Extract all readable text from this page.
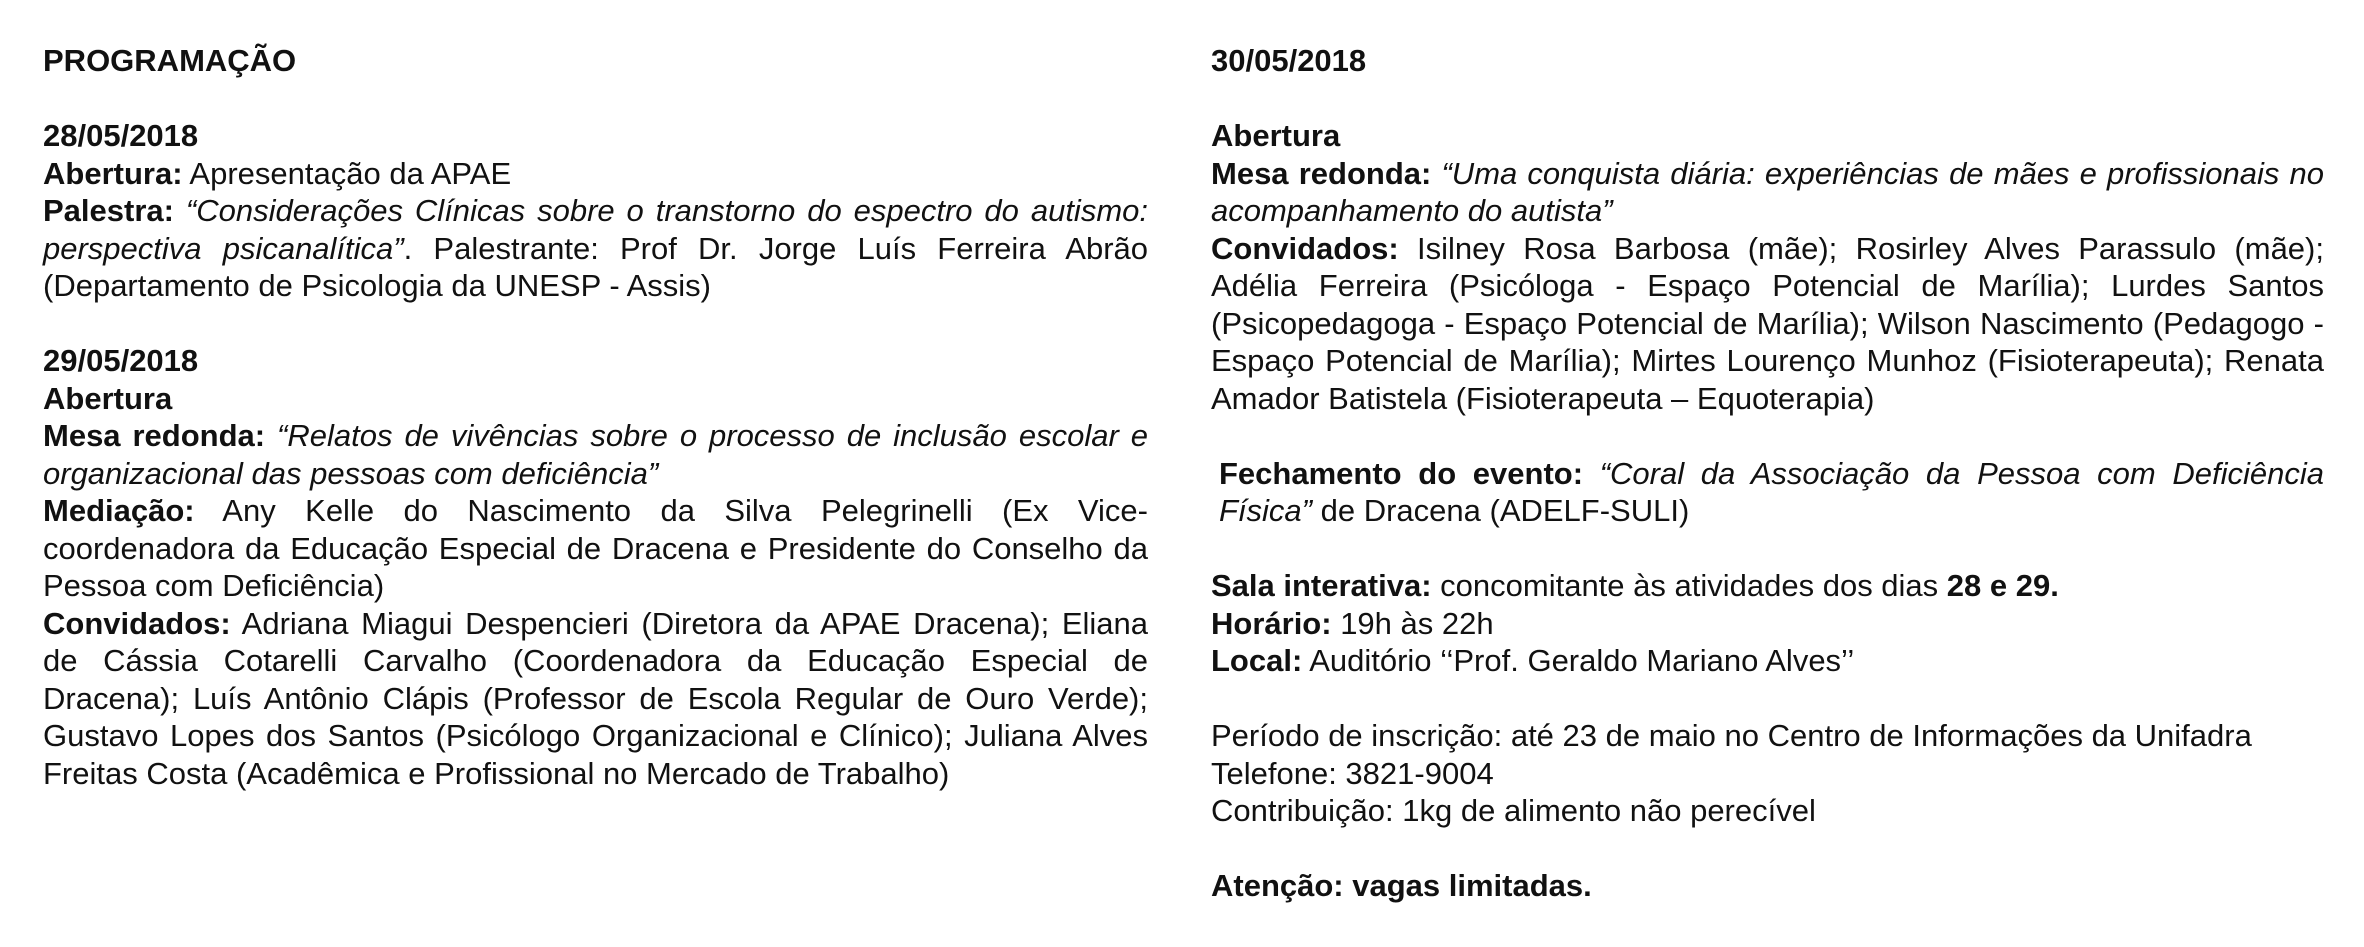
PROGRAMAÇÃO

28/05/2018

Abertura: Apresentação da APAE

Palestra: “Considerações Clínicas sobre o transtorno do espectro do autismo: perspectiva psicanalítica”. Palestrante: Prof Dr. Jorge Luís Ferreira Abrão (Departamento de Psicologia da UNESP - Assis)

29/05/2018

Abertura

Mesa redonda: “Relatos de vivências sobre o processo de inclusão escolar e organizacional das pessoas com deficiência”

Mediação: Any Kelle do Nascimento da Silva Pelegrinelli (Ex Vice-coordenadora da Educação Especial de Dracena e Presidente do Conselho da Pessoa com Deficiência)

Convidados: Adriana Miagui Despencieri (Diretora da APAE Dracena); Eliana de Cássia Cotarelli Carvalho (Coordenadora da Educação Especial de Dracena); Luís Antônio Clápis (Professor de Escola Regular de Ouro Verde); Gustavo Lopes dos Santos (Psicólogo Organizacional e Clínico); Juliana Alves Freitas Costa (Acadêmica e Profissional no Mercado de Trabalho)

30/05/2018

Abertura

Mesa redonda: “Uma conquista diária: experiências de mães e profissionais no acompanhamento do autista”

Convidados: Isilney Rosa Barbosa (mãe); Rosirley Alves Parassulo (mãe); Adélia Ferreira (Psicóloga - Espaço Potencial de Marília); Lurdes Santos (Psicopedagoga - Espaço Potencial de Marília); Wilson Nascimento (Pedagogo - Espaço Potencial de Marília); Mirtes Lourenço Munhoz (Fisioterapeuta); Renata Amador Batistela (Fisioterapeuta – Equoterapia)

Fechamento do evento: “Coral da Associação da Pessoa com Deficiência Física” de Dracena (ADELF-SULI)

Sala interativa: concomitante às atividades dos dias 28 e 29.

Horário: 19h às 22h

Local: Auditório ‘‘Prof. Geraldo Mariano Alves’’

Período de inscrição: até 23 de maio no Centro de Informações da Unifadra

Telefone: 3821-9004

Contribuição: 1kg de alimento não perecível

Atenção: vagas limitadas.
